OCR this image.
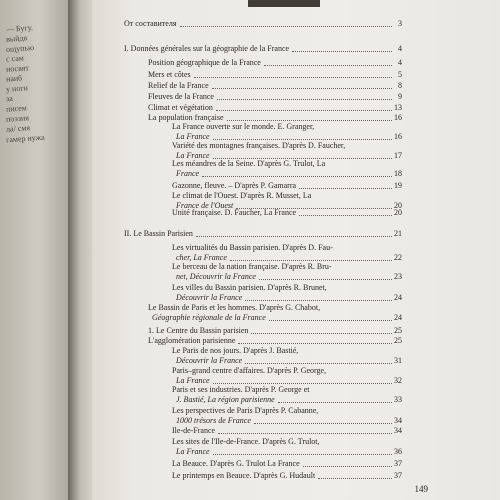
— Бугу.
выйдя
ощупью
с сам
носвят
наиб
у ноги
за
писем
поэзия
ла/ смя
гамер нужа
От составителя	3
I. Données générales sur la géographie de la France	4
Position géographique de la France	4
Mers et côtes	5
Relief de la France	8
Fleuves de la France	9
Climat et végétation	13
La population française	16
La France ouverte sur le monde. E. Granger,
La France	16
Variété des montagnes françaises. D'après D. Faucher,
La France	17
Les méandres de la Seine. D'après G. Trulot, La
France	18
Gazonne, fleuve. – D'après P. Gamarra	19
Le climat de l'Ouest. D'après R. Musset, La
France de l'Ouest	20
Unité française. D. Faucher, La France	20
II. Le Bassin Parisien	21
Les virtualités du Bassin parisien. D'après D. Fau-
cher, La France	22
Le berceau de la nation française. D'après R. Bru-
net, Découvrir la France	23
Les villes du Bassin parisien. D'après R. Brunet,
Découvrir la France	24
Le Bassin de Paris et les hommes. D'après G. Chabot,
Géographie régionale de la France	24
1. Le Centre du Bassin parisien	25
L'agglomération parisienne	25
Le Paris de nos jours. D'après J. Bastié,
Découvrir la France	31
Paris–grand centre d'affaires. D'après P. George,
La France	32
Paris et ses industries. D'après P. George et
J. Bastié, La région parisienne	33
Les perspectives de Paris D'après P. Cabanne,
1000 trésors de France	34
Ile-de-France	34
Les sites de l'Ile-de-France. D'après G. Trulot,
La France	36
La Beauce. D'après G. Trulot La France	37
Le printemps en Beauce. D'après G. Hudault	37
149
